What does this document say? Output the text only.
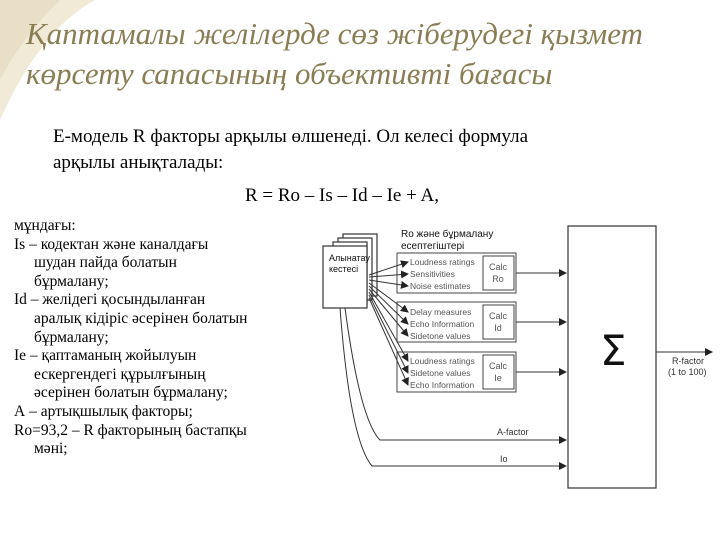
Қаптамалы желілерде сөз жіберудегі қызмет
көрсету сапасының объективті бағасы
Е-модель R факторы арқылы өлшенеді. Ол келесі формула
арқылы анықталады:
R = Ro – Is – Id – Ie + A,
мұндағы:
Is – кодектан және каналдағы
шудан пайда болатын
бұрмалану;
Id – желідегі қосындыланған
аралық кідіріс әсерінен болатын
бұрмалану;
Ie – қаптаманың жойылуын
ескергендегі құрылғының
әсерінен болатын бұрмалану;
А – артықшылық факторы;
Ro=93,2 – R факторының бастапқы
мәні;
Алынатау
кестесі
Ro және бұрмалану
есептегіштері
Loudness ratings
Sensitivities
Noise estimates
Delay measures
Echo Information
Sidetone values
Loudness ratings
Sidetone values
Echo Information
Calc
Ro
Calc
Id
Calc
Ie
Σ	R-factor
(1 to 100)
A-factor
Io
